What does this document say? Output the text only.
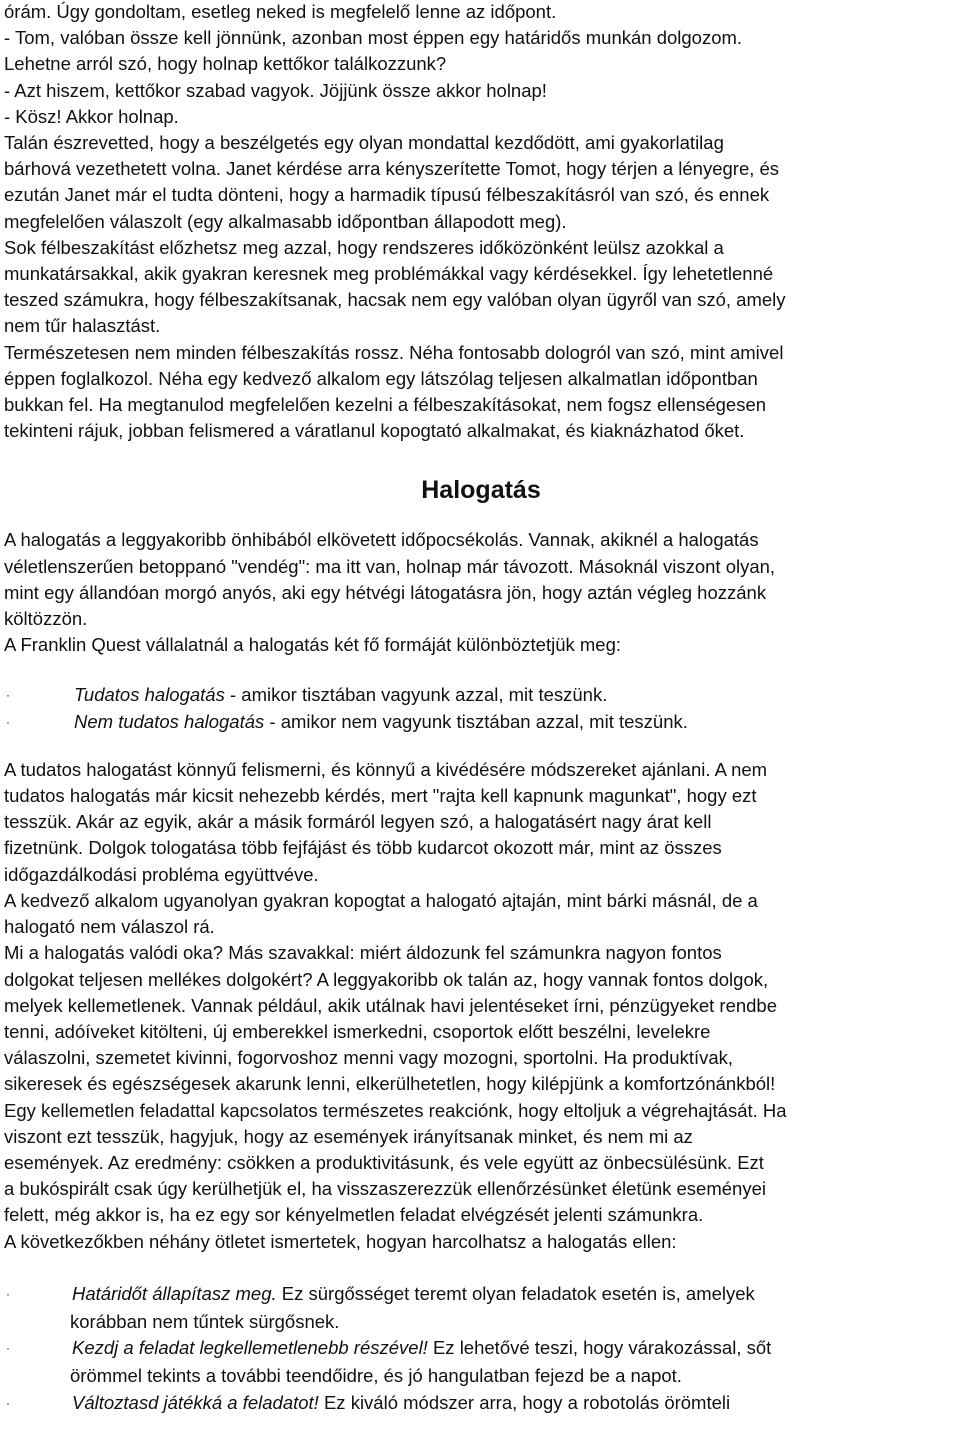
órám. Úgy gondoltam, esetleg neked is megfelelő lenne az időpont.

- Tom, valóban össze kell jönnünk, azonban most éppen egy határidős munkán dolgozom.

Lehetne arról szó, hogy holnap kettőkor találkozzunk?

- Azt hiszem, kettőkor szabad vagyok. Jöjjünk össze akkor holnap!

- Kösz! Akkor holnap.

Talán észrevetted, hogy a beszélgetés egy olyan mondattal kezdődött, ami gyakorlatilag

bárhová vezethetett volna. Janet kérdése arra kényszerítette Tomot, hogy térjen a lényegre, és

ezután Janet már el tudta dönteni, hogy a harmadik típusú félbeszakításról van szó, és ennek

megfelelően válaszolt (egy alkalmasabb időpontban állapodott meg).

Sok félbeszakítást előzhetsz meg azzal, hogy rendszeres időközönként leülsz azokkal a

munkatársakkal, akik gyakran keresnek meg problémákkal vagy kérdésekkel. Így lehetetlenné

teszed számukra, hogy félbeszakítsanak, hacsak nem egy valóban olyan ügyről van szó, amely

nem tűr halasztást.

Természetesen nem minden félbeszakítás rossz. Néha fontosabb dologról van szó, mint amivel

éppen foglalkozol. Néha egy kedvező alkalom egy látszólag teljesen alkalmatlan időpontban

bukkan fel. Ha megtanulod megfelelően kezelni a félbeszakításokat, nem fogsz ellenségesen

tekinteni rájuk, jobban felismered a váratlanul kopogtató alkalmakat, és kiaknázhatod őket.

Halogatás

A halogatás a leggyakoribb önhibából elkövetett időpocsékolás. Vannak, akiknél a halogatás

véletlenszerűen betoppanó "vendég": ma itt van, holnap már távozott. Másoknál viszont olyan,

mint egy állandóan morgó anyós, aki egy hétvégi látogatásra jön, hogy aztán végleg hozzánk

költözzön.

A Franklin Quest vállalatnál a halogatás két fő formáját különböztetjük meg:

·	Tudatos halogatás - amikor tisztában vagyunk azzal, mit teszünk.
·	Nem tudatos halogatás - amikor nem vagyunk tisztában azzal, mit teszünk.

A tudatos halogatást könnyű felismerni, és könnyű a kivédésére módszereket ajánlani. A nem

tudatos halogatás már kicsit nehezebb kérdés, mert "rajta kell kapnunk magunkat", hogy ezt

tesszük. Akár az egyik, akár a másik formáról legyen szó, a halogatásért nagy árat kell

fizetnünk. Dolgok tologatása több fejfájást és több kudarcot okozott már, mint az összes

időgazdálkodási probléma együttvéve.

A kedvező alkalom ugyanolyan gyakran kopogtat a halogató ajtaján, mint bárki másnál, de a

halogató nem válaszol rá.

Mi a halogatás valódi oka? Más szavakkal: miért áldozunk fel számunkra nagyon fontos

dolgokat teljesen mellékes dolgokért? A leggyakoribb ok talán az, hogy vannak fontos dolgok,

melyek kellemetlenek. Vannak például, akik utálnak havi jelentéseket írni, pénzügyeket rendbe

tenni, adóíveket kitölteni, új emberekkel ismerkedni, csoportok előtt beszélni, levelekre

válaszolni, szemetet kivinni, fogorvoshoz menni vagy mozogni, sportolni. Ha produktívak,

sikeresek és egészségesek akarunk lenni, elkerülhetetlen, hogy kilépjünk a komfortzónánkból!

Egy kellemetlen feladattal kapcsolatos természetes reakciónk, hogy eltoljuk a végrehajtását. Ha

viszont ezt tesszük, hagyjuk, hogy az események irányítsanak minket, és nem mi az

események. Az eredmény: csökken a produktivitásunk, és vele együtt az önbecsülésünk. Ezt

a bukóspirált csak úgy kerülhetjük el, ha visszaszerezzük ellenőrzésünket életünk eseményei

felett, még akkor is, ha ez egy sor kényelmetlen feladat elvégzését jelenti számunkra.

A következőkben néhány ötletet ismertetek, hogyan harcolhatsz a halogatás ellen:

·	Határidőt állapítasz meg. Ez sürgősséget teremt olyan feladatok esetén is, amelyek
korábban nem tűntek sürgősnek.
·	Kezdj a feladat legkellemetlenebb részével! Ez lehetővé teszi, hogy várakozással, sőt
örömmel tekints a további teendőidre, és jó hangulatban fejezd be a napot.
·	Változtasd játékká a feladatot! Ez kiváló módszer arra, hogy a robotolás örömteli
